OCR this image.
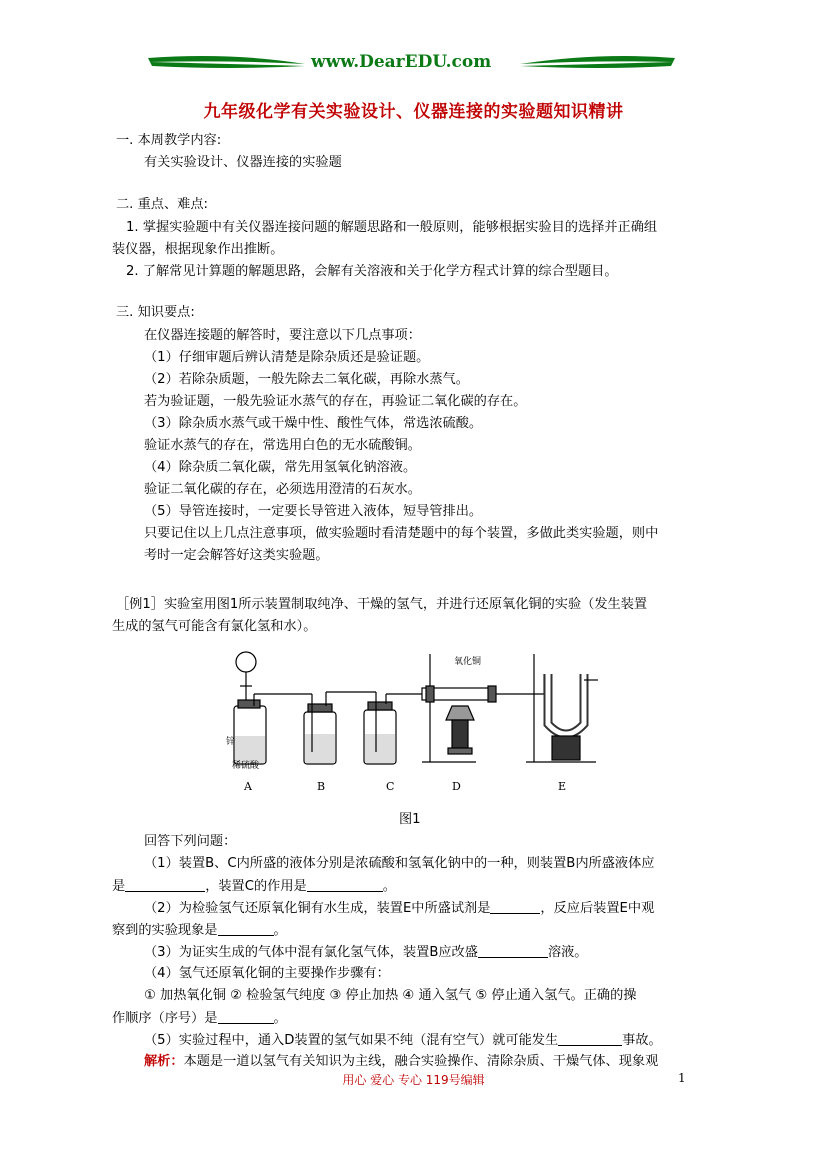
www.DearEDU.com
九年级化学有关实验设计、仪器连接的实验题知识精讲
一. 本周教学内容:
有关实验设计、仪器连接的实验题
二. 重点、难点:
1. 掌握实验题中有关仪器连接问题的解题思路和一般原则，能够根据实验目的选择并正确组
装仪器，根据现象作出推断。
2. 了解常见计算题的解题思路，会解有关溶液和关于化学方程式计算的综合型题目。
三. 知识要点:
在仪器连接题的解答时，要注意以下几点事项：
（1）仔细审题后辨认清楚是除杂质还是验证题。
（2）若除杂质题，一般先除去二氧化碳，再除水蒸气。
若为验证题，一般先验证水蒸气的存在，再验证二氧化碳的存在。
（3）除杂质水蒸气或干燥中性、酸性气体，常选浓硫酸。
验证水蒸气的存在，常选用白色的无水硫酸铜。
（4）除杂质二氧化碳，常先用氢氧化钠溶液。
验证二氧化碳的存在，必须选用澄清的石灰水。
（5）导管连接时，一定要长导管进入液体，短导管排出。
只要记住以上几点注意事项，做实验题时看清楚题中的每个装置，多做此类实验题，则中
考时一定会解答好这类实验题。
［例1］实验室用图1所示装置制取纯净、干燥的氢气，并进行还原氧化铜的实验（发生装置
生成的氢气可能含有氯化氢和水）。
锌
稀硫酸
氧化铜
A	B	C	D	E
图1
回答下列问题：
（1）装置B、C内所盛的液体分别是浓硫酸和氢氧化钠中的一种，则装置B内所盛液体应
是	，装置C的作用是	。
（2）为检验氢气还原氧化铜有水生成，装置E中所盛试剂是	，反应后装置E中观
察到的实验现象是	。
（3）为证实生成的气体中混有氯化氢气体，装置B应改盛	溶液。
（4）氢气还原氧化铜的主要操作步骤有：
① 加热氧化铜 ② 检验氢气纯度 ③ 停止加热 ④ 通入氢气 ⑤ 停止通入氢气。正确的操
作顺序（序号）是	。
（5）实验过程中，通入D装置的氢气如果不纯（混有空气）就可能发生	事故。
解析：本题是一道以氢气有关知识为主线，融合实验操作、清除杂质、干燥气体、现象观
用心 爱心 专心 119号编辑	1
